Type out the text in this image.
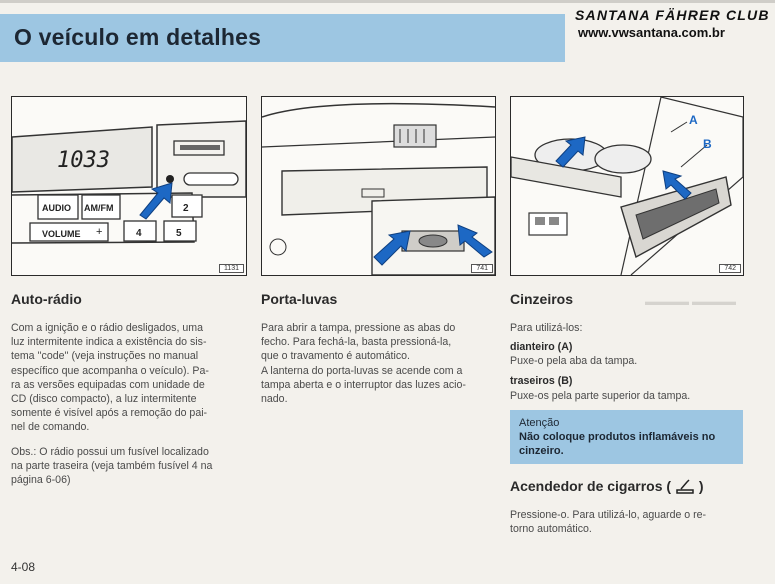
O veículo em detalhes
SANTANA FÄHRER CLUB
www.vwsantana.com.br
▬▬▬▬ ▬▬▬▬
1033
AUDIO AM/FM	2
VOLUME +	4	5
1131	741
A
B
742
Auto-rádio
Com a ignição e o rádio desligados, uma
luz intermitente indica a existência do sis-
tema ''code'' (veja instruções no manual
específico que acompanha o veículo). Pa-
ra as versões equipadas com unidade de
CD (disco compacto), a luz intermitente
somente é visível após a remoção do pai-
nel de comando.
Obs.: O rádio possui um fusível localizado
na parte traseira (veja também fusível 4 na
página 6-06)
Porta-luvas
Para abrir a tampa, pressione as abas do
fecho. Para fechá-la, basta pressioná-la,
que o travamento é automático.
A lanterna do porta-luvas se acende com a
tampa aberta e o interruptor das luzes acio-
nado.
Cinzeiros
Para utilizá-los:
dianteiro (A)
Puxe-o pela aba da tampa.
traseiros (B)
Puxe-os pela parte superior da tampa.
Atenção
Não coloque produtos inflamáveis no cinzeiro.
Acendedor de cigarros ( )
Pressione-o. Para utilizá-lo, aguarde o re-
torno automático.
4-08
